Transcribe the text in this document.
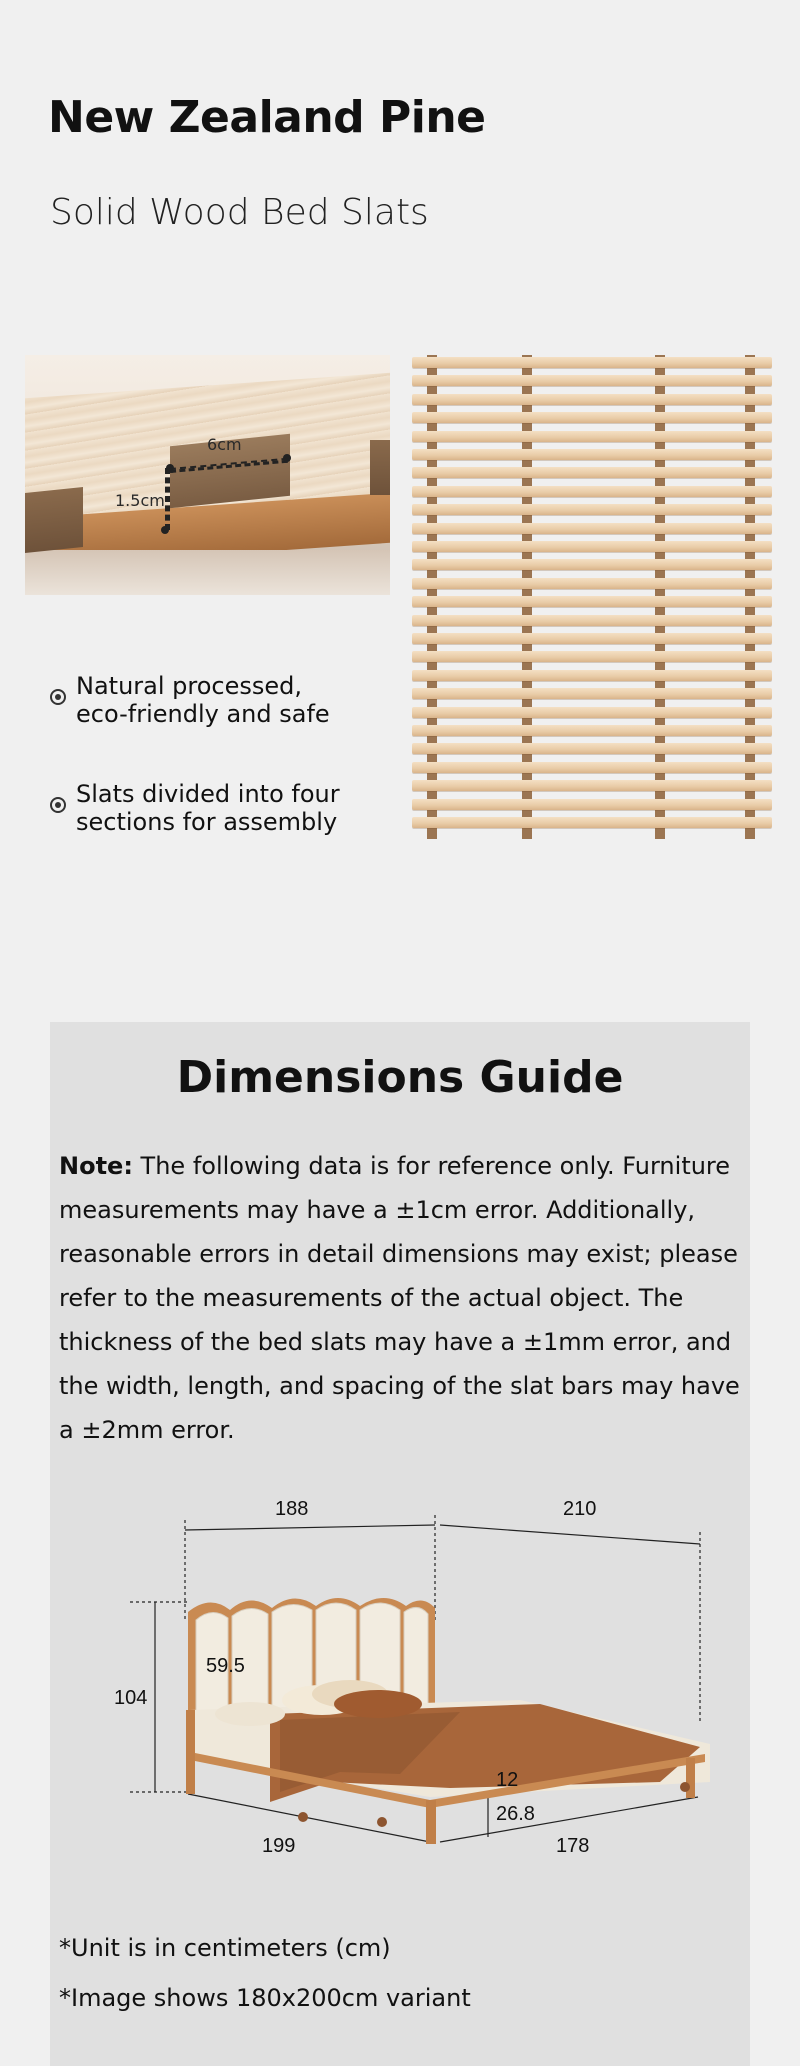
New Zealand Pine
Solid Wood Bed Slats
6cm
1.5cm
Natural processed,
eco-friendly and safe
Slats divided into four
sections for assembly
Dimensions Guide
Note: The following data is for reference only. Furniture measurements may have a ±1cm error. Additionally, reasonable errors in detail dimensions may exist; please refer to the measurements of the actual object. The thickness of the bed slats may have a ±1mm error, and the width, length, and spacing of the slat bars may have a ±2mm error.
188	210
104
59.5
12
26.8
199	178
*Unit is in centimeters (cm)
*Image shows 180x200cm variant
